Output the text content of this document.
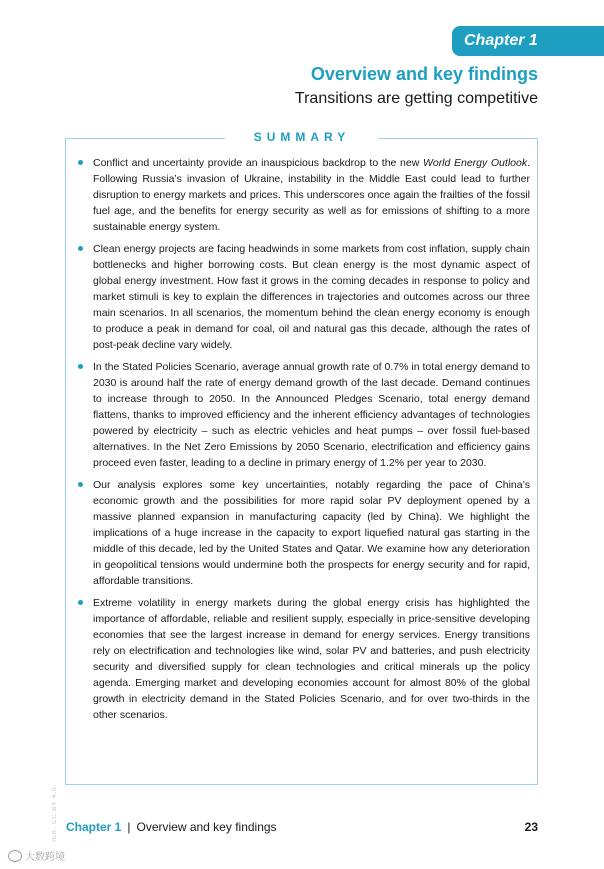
Chapter 1
Overview and key findings
Transitions are getting competitive
SUMMARY
Conflict and uncertainty provide an inauspicious backdrop to the new World Energy Outlook. Following Russia’s invasion of Ukraine, instability in the Middle East could lead to further disruption to energy markets and prices. This underscores once again the frailties of the fossil fuel age, and the benefits for energy security as well as for emissions of shifting to a more sustainable energy system.
Clean energy projects are facing headwinds in some markets from cost inflation, supply chain bottlenecks and higher borrowing costs. But clean energy is the most dynamic aspect of global energy investment. How fast it grows in the coming decades in response to policy and market stimuli is key to explain the differences in trajectories and outcomes across our three main scenarios. In all scenarios, the momentum behind the clean energy economy is enough to produce a peak in demand for coal, oil and natural gas this decade, although the rates of post-peak decline vary widely.
In the Stated Policies Scenario, average annual growth rate of 0.7% in total energy demand to 2030 is around half the rate of energy demand growth of the last decade. Demand continues to increase through to 2050. In the Announced Pledges Scenario, total energy demand flattens, thanks to improved efficiency and the inherent efficiency advantages of technologies powered by electricity – such as electric vehicles and heat pumps – over fossil fuel-based alternatives. In the Net Zero Emissions by 2050 Scenario, electrification and efficiency gains proceed even faster, leading to a decline in primary energy of 1.2% per year to 2030.
Our analysis explores some key uncertainties, notably regarding the pace of China’s economic growth and the possibilities for more rapid solar PV deployment opened by a massive planned expansion in manufacturing capacity (led by China). We highlight the implications of a huge increase in the capacity to export liquefied natural gas starting in the middle of this decade, led by the United States and Qatar. We examine how any deterioration in geopolitical tensions would undermine both the prospects for energy security and for rapid, affordable transitions.
Extreme volatility in energy markets during the global energy crisis has highlighted the importance of affordable, reliable and resilient supply, especially in price-sensitive developing economies that see the largest increase in demand for energy services. Energy transitions rely on electrification and technologies like wind, solar PV and batteries, and push electricity security and diversified supply for clean technologies and critical minerals up the policy agenda. Emerging market and developing economies account for almost 80% of the global growth in electricity demand in the Stated Policies Scenario, and for over two-thirds in the other scenarios.
IEA. CC BY 4.0. Chapter 1 | Overview and key findings	23
大数跨境
